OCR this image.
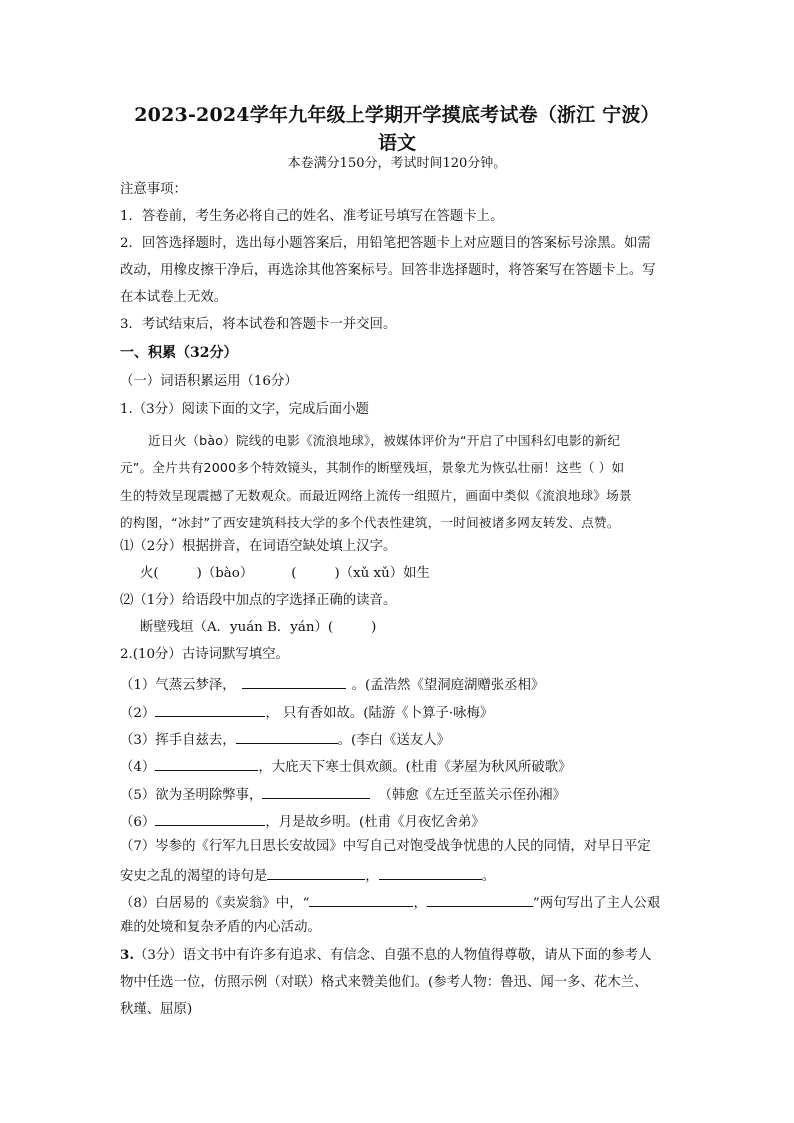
2023-2024学年九年级上学期开学摸底考试卷（浙江 宁波）
语文
本卷满分150分，考试时间120分钟。
注意事项：
1．答卷前，考生务必将自己的姓名、准考证号填写在答题卡上。
2．回答选择题时，选出每小题答案后，用铅笔把答题卡上对应题目的答案标号涂黑。如需
改动，用橡皮擦干净后，再选涂其他答案标号。回答非选择题时，将答案写在答题卡上。写
在本试卷上无效。
3．考试结束后，将本试卷和答题卡一并交回。
一、积累（32分）
（一）词语积累运用（16分）
1.（3分）阅读下面的文字，完成后面小题
近日火（bào）院线的电影《流浪地球》，被媒体评价为“开启了中国科幻电影的新纪
元”。全片共有2000多个特效镜头，其制作的断壁残垣，景象尤为恢弘壮丽！这些（ ）如
生的特效呈现震撼了无数观众。而最近网络上流传一组照片，画面中类似《流浪地球》场景
的构图，“冰封”了西安建筑科技大学的多个代表性建筑，一时间被诸多网友转发、点赞。
⑴（2分）根据拼音，在词语空缺处填上汉字。
火(	)（bào）	(	)（xǔ xǔ）如生
⑵（1分）给语段中加点的字选择正确的读音。
断壁残垣（A．yuán B．yán）(	)
2.(10分）古诗词默写填空。
（1）气蒸云梦泽，	。(孟浩然《望洞庭湖赠张丞相》
（2）	， 只有香如故。(陆游《卜算子·咏梅》
（3）挥手自兹去，	。(李白《送友人》
（4）	，大庇天下寒士俱欢颜。(杜甫《茅屋为秋风所破歌》
（5）欲为圣明除弊事，	（韩愈《左迁至蓝关示侄孙湘》
（6）	，月是故乡明。(杜甫《月夜忆舍弟》
（7）岑参的《行军九日思长安故园》中写自己对饱受战争忧患的人民的同情，对早日平定
安史之乱的渴望的诗句是	，	。
（8）白居易的《卖炭翁》中，“	，	”两句写出了主人公艰
难的处境和复杂矛盾的内心活动。
3.（3分）语文书中有许多有追求、有信念、自强不息的人物值得尊敬，请从下面的参考人
物中任选一位，仿照示例（对联）格式来赞美他们。(参考人物：鲁迅、闻一多、花木兰、
秋瑾、屈原)
